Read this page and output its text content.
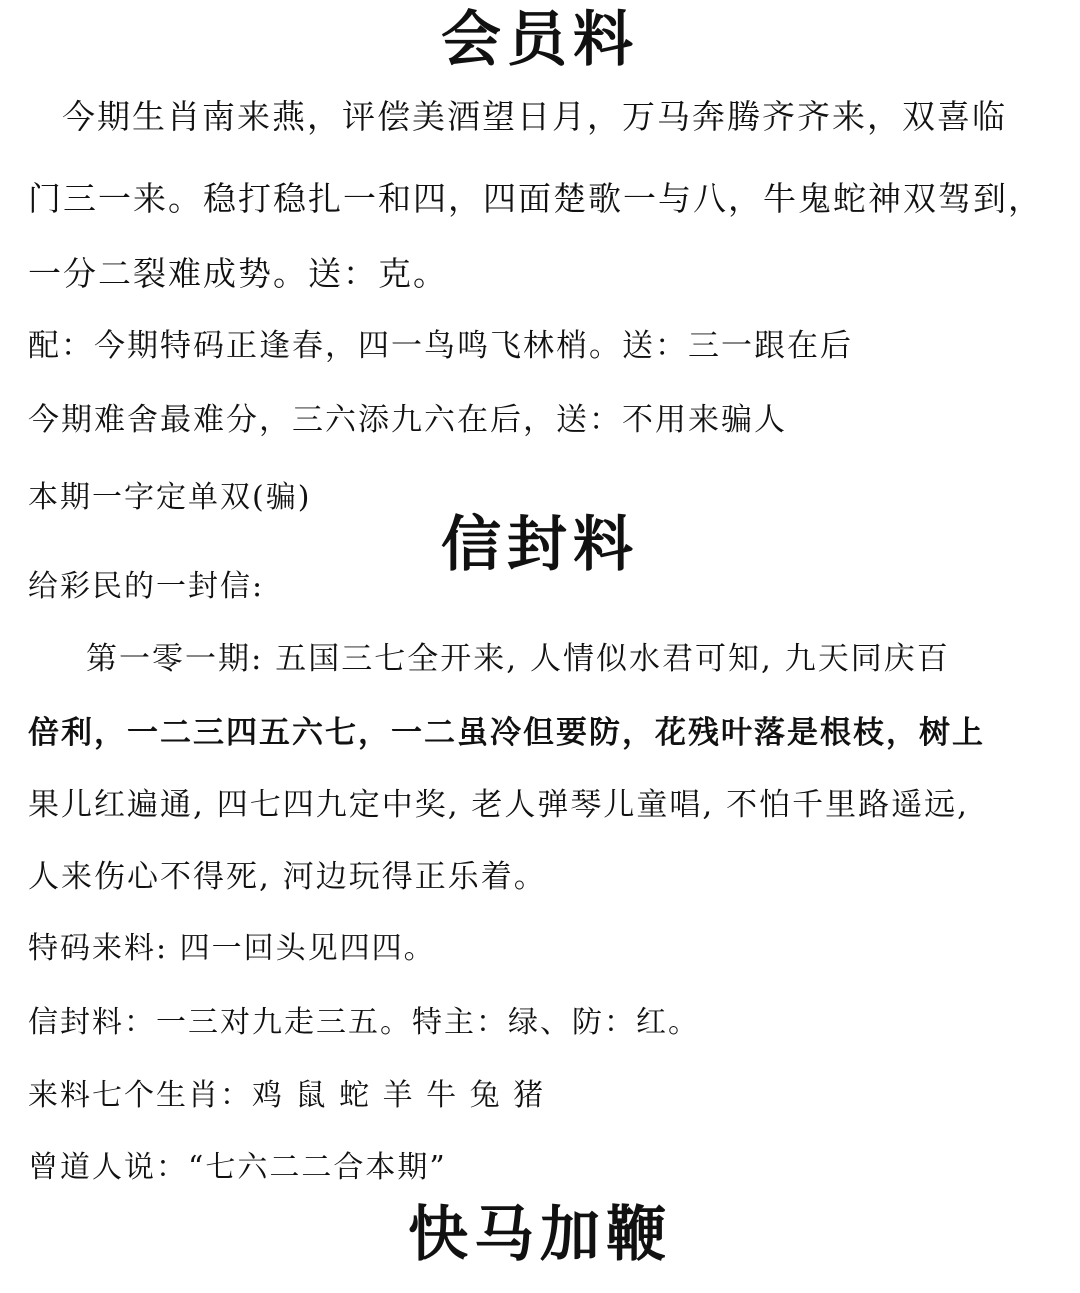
会员料
今期生肖南来燕，评偿美酒望日月，万马奔腾齐齐来，双喜临
门三一来。稳打稳扎一和四，四面楚歌一与八，牛鬼蛇神双驾到，
一分二裂难成势。送：克。
配：今期特码正逢春，四一鸟鸣飞林梢。送：三一跟在后
今期难舍最难分，三六添九六在后，送：不用来骗人
本期一字定单双(骗)
信封料
给彩民的一封信:
第一零一期: 五国三七全开来, 人情似水君可知, 九天同庆百
倍利，一二三四五六七，一二虽冷但要防，花残叶落是根枝，树上
果儿红遍通, 四七四九定中奖, 老人弹琴儿童唱, 不怕千里路遥远,
人来伤心不得死, 河边玩得正乐着。
特码来料: 四一回头见四四。
信封料：一三对九走三五。特主：绿、防：红。
来料七个生肖：鸡 鼠 蛇 羊 牛 兔 猪
曾道人说：“七六二二合本期”
快马加鞭
